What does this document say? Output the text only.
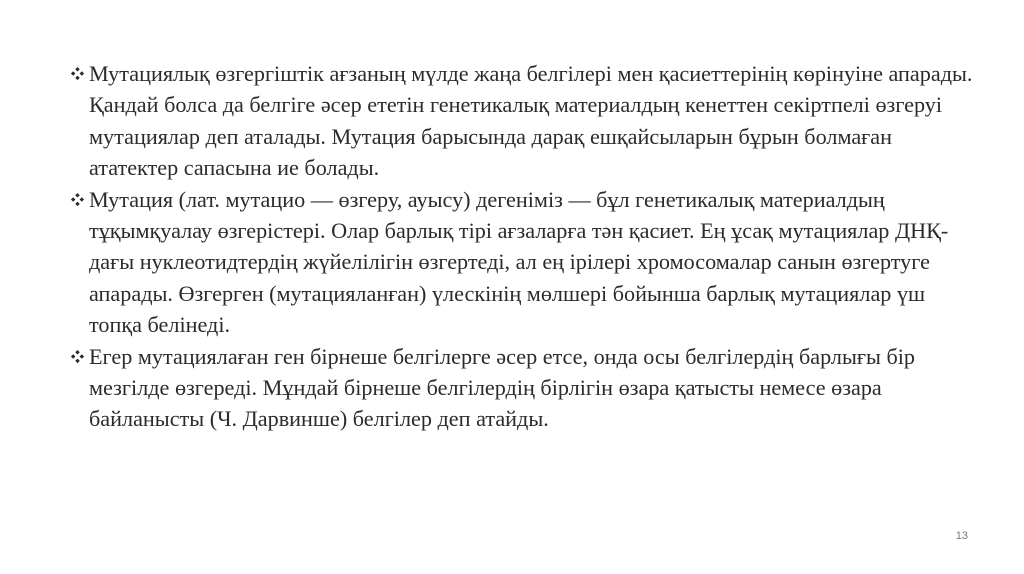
Мутациялық өзгергіштік ағзаның мүлде жаңа белгілері мен қасиеттерінің көрінуіне апарады. Қандай болса да белгіге әсер ететін генетикалық материалдың кенеттен секіртпелі өзгеруі мутациялар деп аталады. Мутация барысында дарақ ешқайсыларын бұрын болмаған ататектер сапасына ие болады.

Мутация (лат. мутацио — өзгеру, ауысу) дегеніміз — бұл генетикалық материалдың тұқымқуалау өзгерістері. Олар барлық тірі ағзаларға тән қасиет. Ең ұсақ мутациялар ДНҚ-дағы нуклеотидтердің жүйелілігін өзгертеді, ал ең ірілері хромосомалар санын өзгертуге апарады. Өзгерген (мутацияланған) үлескінің мөлшері бойынша барлық мутациялар үш топқа белінеді.

Егер мутациялаған ген бірнеше белгілерге әсер етсе, онда осы белгілердің барлығы бір мезгілде өзгереді. Мұндай бірнеше белгілердің бірлігін өзара қатысты немесе өзара байланысты (Ч. Дарвинше) белгілер деп атайды.

13
